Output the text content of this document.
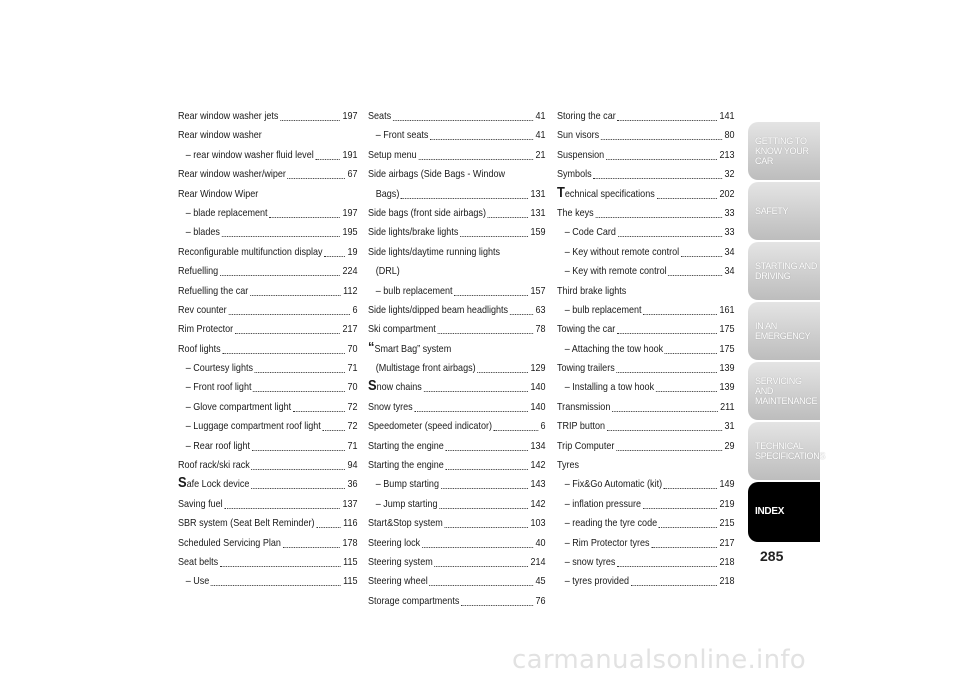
Rear window washer jets	197
Rear window washer
– rear window washer fluid level	191
Rear window washer/wiper	67
Rear Window Wiper
– blade replacement	197
– blades	195
Reconfigurable multifunction display 19
Refuelling	224
Refuelling the car	112
Rev counter	6
Rim Protector	217
Roof lights	70
– Courtesy lights	71
– Front roof light	70
– Glove compartment light	72
– Luggage compartment roof light	72
– Rear roof light	71
Roof rack/ski rack	94
Safe Lock device	36
Saving fuel	137
SBR system (Seat Belt Reminder)	116
Scheduled Servicing Plan	178
Seat belts	115
– Use	115
Seats	41
– Front seats	41
Setup menu	21
Side airbags (Side Bags - Window
Bags)	131
Side bags (front side airbags)	131
Side lights/brake lights	159
Side lights/daytime running lights
(DRL)
– bulb replacement	157
Side lights/dipped beam headlights	63
Ski compartment	78
“Smart Bag” system
(Multistage front airbags)	129
Snow chains	140
Snow tyres	140
Speedometer (speed indicator)	6
Starting the engine	134
Starting the engine	142
– Bump starting	143
– Jump starting	142
Start&Stop system	103
Steering lock	40
Steering system	214
Steering wheel	45
Storage compartments	76
Storing the car	141
Sun visors	80
Suspension	213
Symbols	32
Technical specifications	202
The keys	33
– Code Card	33
– Key without remote control	34
– Key with remote control	34
Third brake lights
– bulb replacement	161
Towing the car	175
– Attaching the tow hook	175
Towing trailers	139
– Installing a tow hook	139
Transmission	211
TRIP button	31
Trip Computer	29
Tyres
– Fix&Go Automatic (kit)	149
– inflation pressure	219
– reading the tyre code	215
– Rim Protector tyres	217
– snow tyres	218
– tyres provided	218
GETTING TO KNOW YOUR CAR
SAFETY
STARTING AND DRIVING
IN AN EMERGENCY
SERVICING AND MAINTENANCE
TECHNICAL SPECIFICATIONS
INDEX
285
carmanualsonline.info
